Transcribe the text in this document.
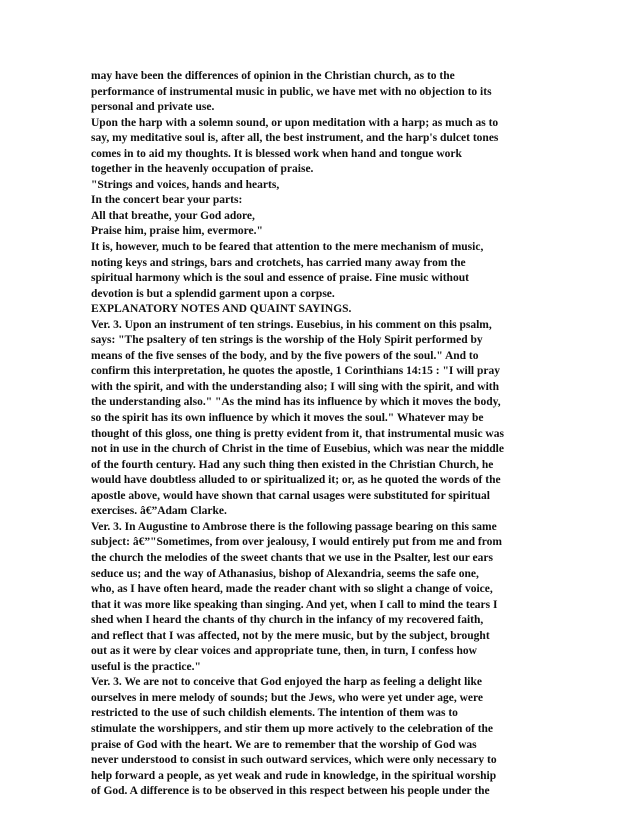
may have been the differences of opinion in the Christian church, as to the
performance of instrumental music in public, we have met with no objection to its
personal and private use.
Upon the harp with a solemn sound, or upon meditation with a harp; as much as to
say, my meditative soul is, after all, the best instrument, and the harp's dulcet tones
comes in to aid my thoughts. It is blessed work when hand and tongue work
together in the heavenly occupation of praise.
"Strings and voices, hands and hearts,
In the concert bear your parts:
All that breathe, your God adore,
Praise him, praise him, evermore."
It is, however, much to be feared that attention to the mere mechanism of music,
noting keys and strings, bars and crotchets, has carried many away from the
spiritual harmony which is the soul and essence of praise. Fine music without
devotion is but a splendid garment upon a corpse.
EXPLANATORY NOTES AND QUAINT SAYINGS.
Ver. 3. Upon an instrument of ten strings. Eusebius, in his comment on this psalm,
says: "The psaltery of ten strings is the worship of the Holy Spirit performed by
means of the five senses of the body, and by the five powers of the soul." And to
confirm this interpretation, he quotes the apostle, 1 Corinthians 14:15 : "I will pray
with the spirit, and with the understanding also; I will sing with the spirit, and with
the understanding also." "As the mind has its influence by which it moves the body,
so the spirit has its own influence by which it moves the soul." Whatever may be
thought of this gloss, one thing is pretty evident from it, that instrumental music was
not in use in the church of Christ in the time of Eusebius, which was near the middle
of the fourth century. Had any such thing then existed in the Christian Church, he
would have doubtless alluded to or spiritualized it; or, as he quoted the words of the
apostle above, would have shown that carnal usages were substituted for spiritual
exercises. â€”Adam Clarke.
Ver. 3. In Augustine to Ambrose there is the following passage bearing on this same
subject: â€”"Sometimes, from over jealousy, I would entirely put from me and from
the church the melodies of the sweet chants that we use in the Psalter, lest our ears
seduce us; and the way of Athanasius, bishop of Alexandria, seems the safe one,
who, as I have often heard, made the reader chant with so slight a change of voice,
that it was more like speaking than singing. And yet, when I call to mind the tears I
shed when I heard the chants of thy church in the infancy of my recovered faith,
and reflect that I was affected, not by the mere music, but by the subject, brought
out as it were by clear voices and appropriate tune, then, in turn, I confess how
useful is the practice."
Ver. 3. We are not to conceive that God enjoyed the harp as feeling a delight like
ourselves in mere melody of sounds; but the Jews, who were yet under age, were
restricted to the use of such childish elements. The intention of them was to
stimulate the worshippers, and stir them up more actively to the celebration of the
praise of God with the heart. We are to remember that the worship of God was
never understood to consist in such outward services, which were only necessary to
help forward a people, as yet weak and rude in knowledge, in the spiritual worship
of God. A difference is to be observed in this respect between his people under the
